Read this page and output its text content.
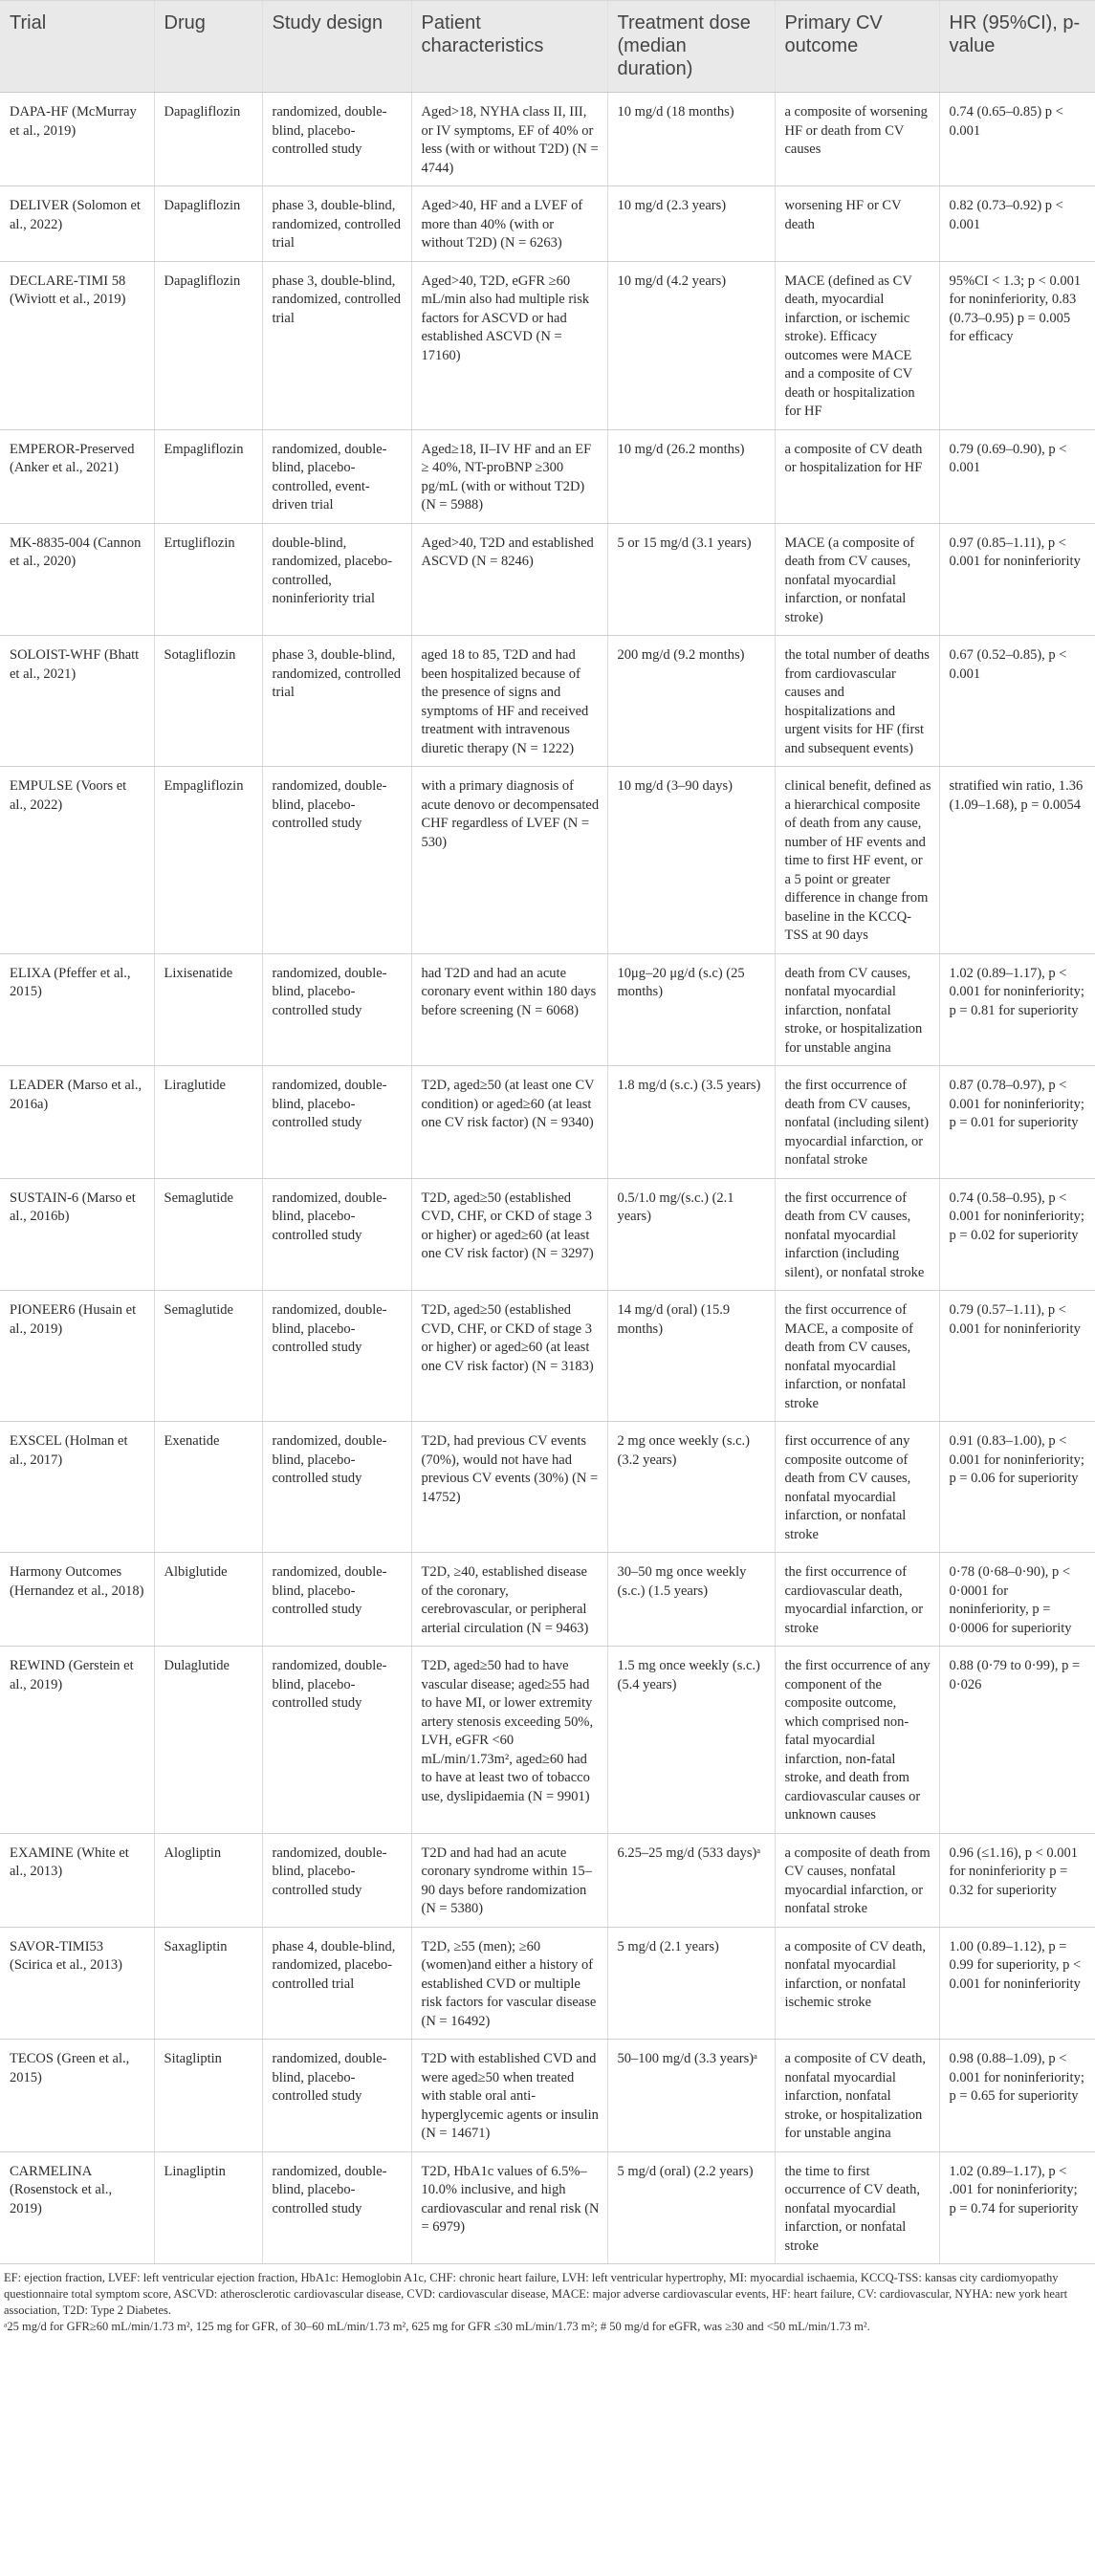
Trial	Drug	Study design	Patient characteristics	Treatment dose (median duration)	Primary CV outcome	HR (95%CI), p-value
DAPA-HF (McMurray et al., 2019)	Dapagliflozin	randomized, double-blind, placebo-controlled study	Aged>18, NYHA class II, III, or IV symptoms, EF of 40% or less (with or without T2D) (N = 4744)	10 mg/d (18 months)	a composite of worsening HF or death from CV causes	0.74 (0.65–0.85) p < 0.001
DELIVER (Solomon et al., 2022)	Dapagliflozin	phase 3, double-blind, randomized, controlled trial	Aged>40, HF and a LVEF of more than 40% (with or without T2D) (N = 6263)	10 mg/d (2.3 years)	worsening HF or CV death	0.82 (0.73–0.92) p < 0.001
DECLARE-TIMI 58 (Wiviott et al., 2019)	Dapagliflozin	phase 3, double-blind, randomized, controlled trial	Aged>40, T2D, eGFR ≥60 mL/min also had multiple risk factors for ASCVD or had established ASCVD (N = 17160)	10 mg/d (4.2 years)	MACE (defined as CV death, myocardial infarction, or ischemic stroke). Efficacy outcomes were MACE and a composite of CV death or hospitalization for HF	95%CI < 1.3; p < 0.001 for noninferiority, 0.83 (0.73–0.95) p = 0.005 for efficacy
EMPEROR-Preserved (Anker et al., 2021)	Empagliflozin	randomized, double-blind, placebo-controlled, event-driven trial	Aged≥18, II–IV HF and an EF ≥ 40%, NT-proBNP ≥300 pg/mL (with or without T2D) (N = 5988)	10 mg/d (26.2 months)	a composite of CV death or hospitalization for HF	0.79 (0.69–0.90), p < 0.001
MK-8835-004 (Cannon et al., 2020)	Ertugliflozin	double-blind, randomized, placebo-controlled, noninferiority trial	Aged>40, T2D and established ASCVD (N = 8246)	5 or 15 mg/d (3.1 years)	MACE (a composite of death from CV causes, nonfatal myocardial infarction, or nonfatal stroke)	0.97 (0.85–1.11), p < 0.001 for noninferiority
SOLOIST-WHF (Bhatt et al., 2021)	Sotagliflozin	phase 3, double-blind, randomized, controlled trial	aged 18 to 85, T2D and had been hospitalized because of the presence of signs and symptoms of HF and received treatment with intravenous diuretic therapy (N = 1222)	200 mg/d (9.2 months)	the total number of deaths from cardiovascular causes and hospitalizations and urgent visits for HF (first and subsequent events)	0.67 (0.52–0.85), p < 0.001
EMPULSE (Voors et al., 2022)	Empagliflozin	randomized, double-blind, placebo-controlled study	with a primary diagnosis of acute denovo or decompensated CHF regardless of LVEF (N = 530)	10 mg/d (3–90 days)	clinical benefit, defined as a hierarchical composite of death from any cause, number of HF events and time to first HF event, or a 5 point or greater difference in change from baseline in the KCCQ-TSS at 90 days	stratified win ratio, 1.36 (1.09–1.68), p = 0.0054
ELIXA (Pfeffer et al., 2015)	Lixisenatide	randomized, double-blind, placebo-controlled study	had T2D and had an acute coronary event within 180 days before screening (N = 6068)	10μg–20 μg/d (s.c) (25 months)	death from CV causes, nonfatal myocardial infarction, nonfatal stroke, or hospitalization for unstable angina	1.02 (0.89–1.17), p < 0.001 for noninferiority; p = 0.81 for superiority
LEADER (Marso et al., 2016a)	Liraglutide	randomized, double-blind, placebo-controlled study	T2D, aged≥50 (at least one CV condition) or aged≥60 (at least one CV risk factor) (N = 9340)	1.8 mg/d (s.c.) (3.5 years)	the first occurrence of death from CV causes, nonfatal (including silent) myocardial infarction, or nonfatal stroke	0.87 (0.78–0.97), p < 0.001 for noninferiority; p = 0.01 for superiority
SUSTAIN-6 (Marso et al., 2016b)	Semaglutide	randomized, double-blind, placebo-controlled study	T2D, aged≥50 (established CVD, CHF, or CKD of stage 3 or higher) or aged≥60 (at least one CV risk factor) (N = 3297)	0.5/1.0 mg/(s.c.) (2.1 years)	the first occurrence of death from CV causes, nonfatal myocardial infarction (including silent), or nonfatal stroke	0.74 (0.58–0.95), p < 0.001 for noninferiority; p = 0.02 for superiority
PIONEER6 (Husain et al., 2019)	Semaglutide	randomized, double-blind, placebo-controlled study	T2D, aged≥50 (established CVD, CHF, or CKD of stage 3 or higher) or aged≥60 (at least one CV risk factor) (N = 3183)	14 mg/d (oral) (15.9 months)	the first occurrence of MACE, a composite of death from CV causes, nonfatal myocardial infarction, or nonfatal stroke	0.79 (0.57–1.11), p < 0.001 for noninferiority
EXSCEL (Holman et al., 2017)	Exenatide	randomized, double-blind, placebo-controlled study	T2D, had previous CV events (70%), would not have had previous CV events (30%) (N = 14752)	2 mg once weekly (s.c.) (3.2 years)	first occurrence of any composite outcome of death from CV causes, nonfatal myocardial infarction, or nonfatal stroke	0.91 (0.83–1.00), p < 0.001 for noninferiority; p = 0.06 for superiority
Harmony Outcomes (Hernandez et al., 2018)	Albiglutide	randomized, double-blind, placebo-controlled study	T2D, ≥40, established disease of the coronary, cerebrovascular, or peripheral arterial circulation (N = 9463)	30–50 mg once weekly (s.c.) (1.5 years)	the first occurrence of cardiovascular death, myocardial infarction, or stroke	0·78 (0·68–0·90), p < 0·0001 for noninferiority, p = 0·0006 for superiority
REWIND (Gerstein et al., 2019)	Dulaglutide	randomized, double-blind, placebo-controlled study	T2D, aged≥50 had to have vascular disease; aged≥55 had to have MI, or lower extremity artery stenosis exceeding 50%, LVH, eGFR <60 mL/min/1.73m², aged≥60 had to have at least two of tobacco use, dyslipidaemia (N = 9901)	1.5 mg once weekly (s.c.) (5.4 years)	the first occurrence of any component of the composite outcome, which comprised non-fatal myocardial infarction, non-fatal stroke, and death from cardiovascular causes or unknown causes	0.88 (0·79 to 0·99), p = 0·026
EXAMINE (White et al., 2013)	Alogliptin	randomized, double-blind, placebo-controlled study	T2D and had had an acute coronary syndrome within 15–90 days before randomization (N = 5380)	6.25–25 mg/d (533 days)ᵃ	a composite of death from CV causes, nonfatal myocardial infarction, or nonfatal stroke	0.96 (≤1.16), p < 0.001 for noninferiority p = 0.32 for superiority
SAVOR-TIMI53 (Scirica et al., 2013)	Saxagliptin	phase 4, double-blind, randomized, placebo-controlled trial	T2D, ≥55 (men); ≥60 (women)and either a history of established CVD or multiple risk factors for vascular disease (N = 16492)	5 mg/d (2.1 years)	a composite of CV death, nonfatal myocardial infarction, or nonfatal ischemic stroke	1.00 (0.89–1.12), p = 0.99 for superiority, p < 0.001 for noninferiority
TECOS (Green et al., 2015)	Sitagliptin	randomized, double-blind, placebo-controlled study	T2D with established CVD and were aged≥50 when treated with stable oral anti-hyperglycemic agents or insulin (N = 14671)	50–100 mg/d (3.3 years)ᵃ	a composite of CV death, nonfatal myocardial infarction, nonfatal stroke, or hospitalization for unstable angina	0.98 (0.88–1.09), p < 0.001 for noninferiority; p = 0.65 for superiority
CARMELINA (Rosenstock et al., 2019)	Linagliptin	randomized, double-blind, placebo-controlled study	T2D, HbA1c values of 6.5%–10.0% inclusive, and high cardiovascular and renal risk (N = 6979)	5 mg/d (oral) (2.2 years)	the time to first occurrence of CV death, nonfatal myocardial infarction, or nonfatal stroke	1.02 (0.89–1.17), p < .001 for noninferiority; p = 0.74 for superiority

EF: ejection fraction, LVEF: left ventricular ejection fraction, HbA1c: Hemoglobin A1c, CHF: chronic heart failure, LVH: left ventricular hypertrophy, MI: myocardial ischaemia, KCCQ-TSS: kansas city cardiomyopathy questionnaire total symptom score, ASCVD: atherosclerotic cardiovascular disease, CVD: cardiovascular disease, MACE: major adverse cardiovascular events, HF: heart failure, CV: cardiovascular, NYHA: new york heart association, T2D: Type 2 Diabetes.

ᵃ25 mg/d for GFR≥60 mL/min/1.73 m², 125 mg for GFR, of 30–60 mL/min/1.73 m², 625 mg for GFR ≤30 mL/min/1.73 m²; # 50 mg/d for eGFR, was ≥30 and <50 mL/min/1.73 m².
